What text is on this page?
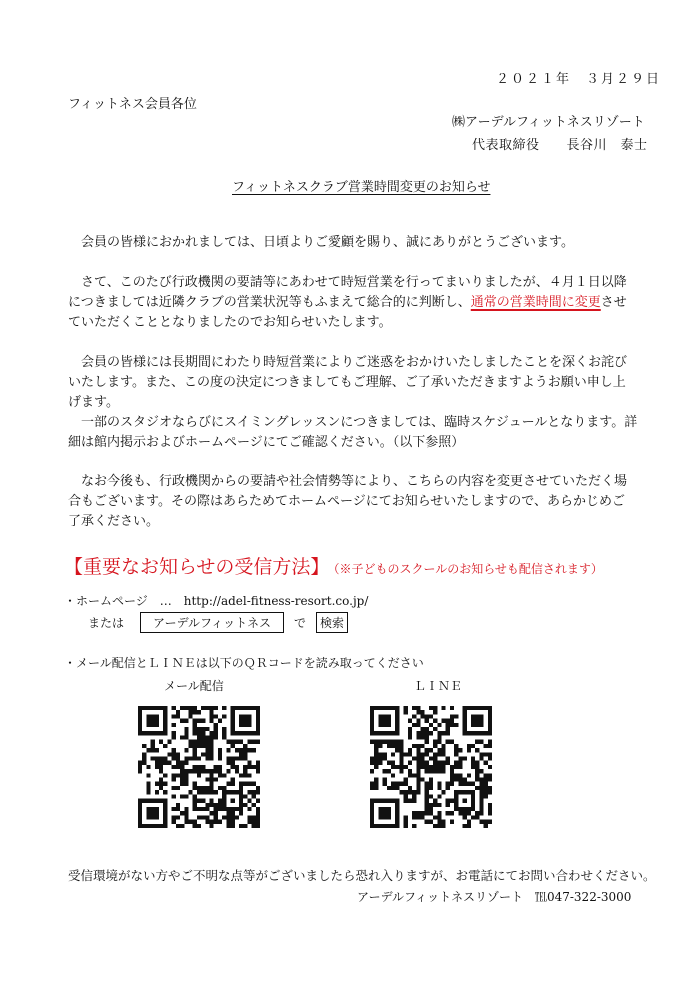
２０２１年　３月２９日
フィットネス会員各位
㈱アーデルフィットネスリゾート
代表取締役　　長谷川　泰士
フィットネスクラブ営業時間変更のお知らせ

会員の皆様におかれましては、日頃よりご愛顧を賜り、誠にありがとうございます。

さて、このたび行政機関の要請等にあわせて時短営業を行ってまいりましたが、４月１日以降につきましては近隣クラブの営業状況等もふまえて総合的に判断し、通常の営業時間に変更させていただくこととなりましたのでお知らせいたします。

会員の皆様には長期間にわたり時短営業によりご迷惑をおかけいたしましたことを深くお詫びいたします。また、この度の決定につきましてもご理解、ご了承いただきますようお願い申し上げます。

一部のスタジオならびにスイミングレッスンにつきましては、臨時スケジュールとなります。詳細は館内掲示およびホームページにてご確認ください。（以下参照）

なお今後も、行政機関からの要請や社会情勢等により、こちらの内容を変更させていただく場合もございます。その際はあらためてホームページにてお知らせいたしますので、あらかじめご了承ください。

【重要なお知らせの受信方法】 （※子どものスクールのお知らせも配信されます）
・ホームページ　…　http://adel-fitness-resort.co.jp/
または	アーデルフィットネス	で	検索
・メール配信とＬＩＮＥは以下のＱＲコードを読み取ってください
メール配信	ＬＩＮＥ
受信環境がない方やご不明な点等がございましたら恐れ入りますが、お電話にてお問い合わせください。
アーデルフィットネスリゾート　℡047-322-3000
